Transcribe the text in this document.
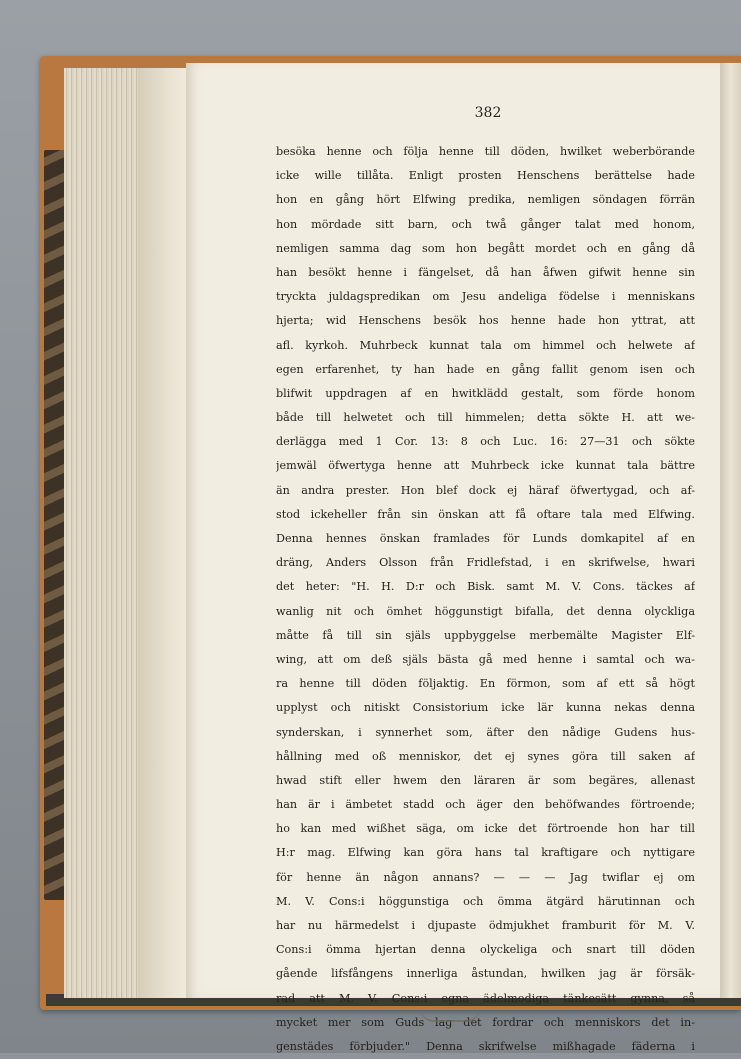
382
besöka henne och följa henne till döden, hwilket weberbörande
icke wille tillåta. Enligt prosten Henschens berättelse hade
hon en gång hört Elfwing predika, nemligen söndagen förrän
hon mördade sitt barn, och twå gånger talat med honom,
nemligen samma dag som hon begått mordet och en gång då
han besökt henne i fängelset, då han åfwen gifwit henne sin
tryckta juldagspredikan om Jesu andeliga födelse i menniskans
hjerta; wid Henschens besök hos henne hade hon yttrat, att
afl. kyrkoh. Muhrbeck kunnat tala om himmel och helwete af
egen erfarenhet, ty han hade en gång fallit genom isen och
blifwit uppdragen af en hwitklädd gestalt, som förde honom
både till helwetet och till himmelen; detta sökte H. att we-
derlägga med 1 Cor. 13: 8 och Luc. 16: 27—31 och sökte
jemwäl öfwertyga henne att Muhrbeck icke kunnat tala bättre
än andra prester. Hon blef dock ej häraf öfwertygad, och af-
stod ickeheller från sin önskan att få oftare tala med Elfwing.
Denna hennes önskan framlades för Lunds domkapitel af en
dräng, Anders Olsson från Fridlefstad, i en skrifwelse, hwari
det heter: "H. H. D:r och Bisk. samt M. V. Cons. täckes af
wanlig nit och ömhet höggunstigt bifalla, det denna olyckliga
måtte få till sin själs uppbyggelse merbemälte Magister Elf-
wing, att om deß själs bästa gå med henne i samtal och wa-
ra henne till döden följaktig. En förmon, som af ett så högt
upplyst och nitiskt Consistorium icke lär kunna nekas denna
synderskan, i synnerhet som, äfter den nådige Gudens hus-
hållning med oß menniskor, det ej synes göra till saken af
hwad stift eller hwem den läraren är som begäres, allenast
han är i ämbetet stadd och äger den behöfwandes förtroende;
ho kan med wißhet säga, om icke det förtroende hon har till
H:r mag. Elfwing kan göra hans tal kraftigare och nyttigare
för henne än någon annans? — — — Jag twiflar ej om
M. V. Cons:i höggunstiga och ömma ätgärd härutinnan och
har nu härmedelst i djupaste ödmjukhet framburit för M. V.
Cons:i ömma hjertan denna olyckeliga och snart till döden
gående lifsfångens innerliga åstundan, hwilken jag är försäk-
rad att M. V. Cons:i egna ädelmodiga tänkesätt gynna, så
mycket mer som Guds lag det fordrar och menniskors det in-
genstädes förbjuder." Denna skrifwelse mißhagade fäderna i
